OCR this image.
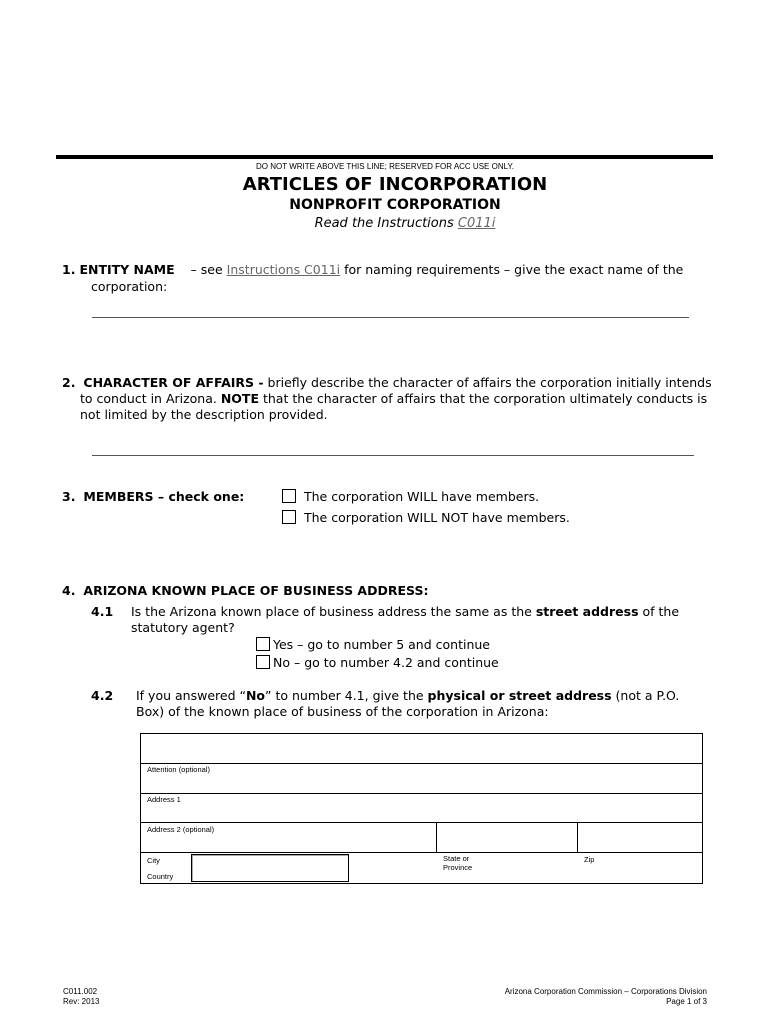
DO NOT WRITE ABOVE THIS LINE; RESERVED FOR ACC USE ONLY.
ARTICLES OF INCORPORATION
NONPROFIT CORPORATION
Read the Instructions C011i
1. ENTITY NAME    – see Instructions C011i for naming requirements – give the exact name of the
corporation:
2. CHARACTER OF AFFAIRS - briefly describe the character of affairs the corporation initially intends
to conduct in Arizona. NOTE that the character of affairs that the corporation ultimately conducts is
not limited by the description provided.
3. MEMBERS – check one:	The corporation WILL have members.
The corporation WILL NOT have members.
4. ARIZONA KNOWN PLACE OF BUSINESS ADDRESS:
4.1 Is the Arizona known place of business address the same as the street address of the
statutory agent?
Yes – go to number 5 and continue
No – go to number 4.2 and continue
4.2 If you answered “No” to number 4.1, give the physical or street address (not a P.O.
Box) of the known place of business of the corporation in Arizona:
Attention (optional)
Address 1
Address 2 (optional)
City	State or
Province
Zip
Country
C011.002
Rev: 2013
Arizona Corporation Commission – Corporations Division
Page 1 of 3
